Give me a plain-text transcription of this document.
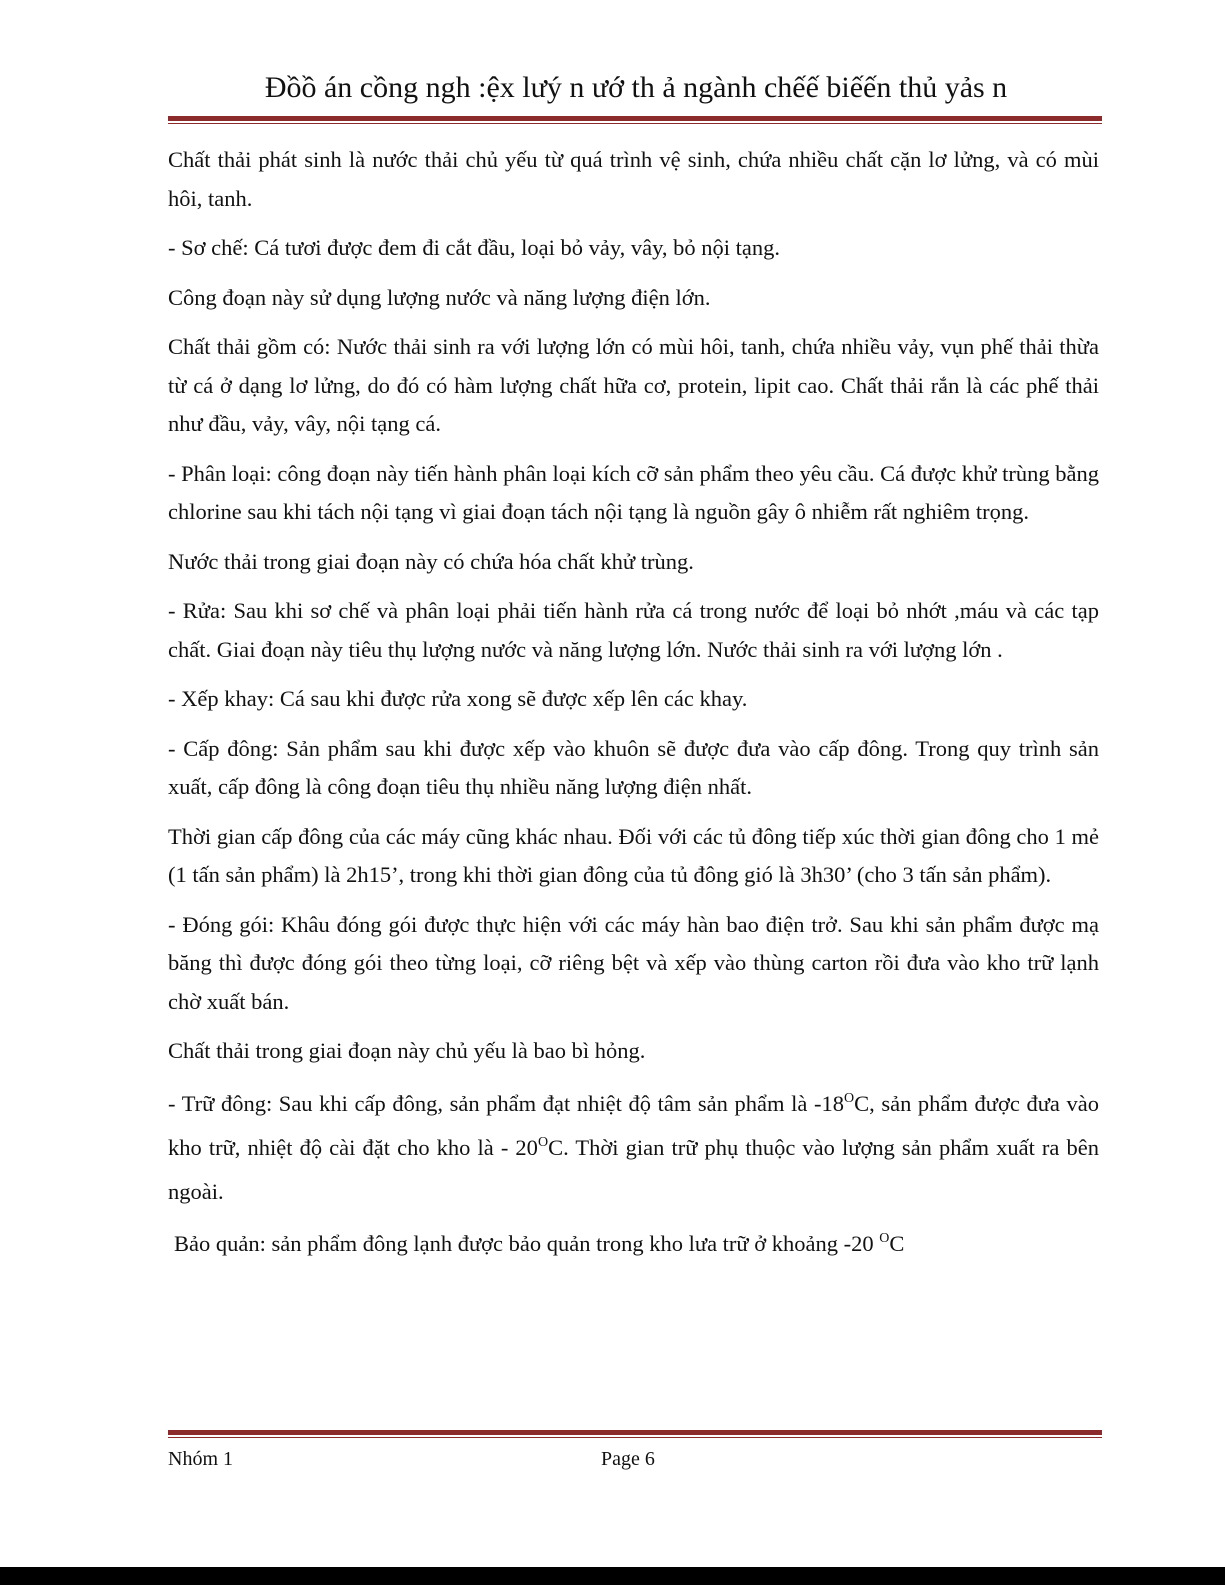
Đồồ án cồng ngh :ệx lưý n ướ th ả ngành chếế biếến thủ yảs n

Chất thải phát sinh là nước thải chủ yếu từ quá trình vệ sinh, chứa nhiều chất cặn lơ lửng, và có mùi hôi, tanh.

- Sơ chế: Cá tươi được đem đi cắt đầu, loại bỏ vảy, vây, bỏ nội tạng.

Công đoạn này sử dụng lượng nước và năng lượng điện lớn.

Chất thải gồm có: Nước thải sinh ra với lượng lớn có mùi hôi, tanh, chứa nhiều vảy, vụn phế thải thừa từ cá ở dạng lơ lửng, do đó có hàm lượng chất hữa cơ, protein, lipit cao. Chất thải rắn là các phế thải như đầu, vảy, vây, nội tạng cá.

- Phân loại: công đoạn này tiến hành phân loại kích cỡ sản phẩm theo yêu cầu. Cá được khử trùng bằng chlorine sau khi tách nội tạng vì giai đoạn tách nội tạng là nguồn gây ô nhiễm rất nghiêm trọng.

Nước thải trong giai đoạn này có chứa hóa chất khử trùng.

- Rửa: Sau khi sơ chế và phân loại phải tiến hành rửa cá trong nước để loại bỏ nhớt ,máu và các tạp chất. Giai đoạn này tiêu thụ lượng nước và năng lượng lớn. Nước thải sinh ra với lượng lớn .

- Xếp khay: Cá sau khi được rửa xong sẽ được xếp lên các khay.

- Cấp đông: Sản phẩm sau khi được xếp vào khuôn sẽ được đưa vào cấp đông. Trong quy trình sản xuất, cấp đông là công đoạn tiêu thụ nhiều năng lượng điện nhất.

Thời gian cấp đông của các máy cũng khác nhau. Đối với các tủ đông tiếp xúc thời gian đông cho 1 mẻ (1 tấn sản phẩm) là 2h15’, trong khi thời gian đông của tủ đông gió là 3h30’ (cho 3 tấn sản phẩm).

- Đóng gói: Khâu đóng gói được thực hiện với các máy hàn bao điện trở. Sau khi sản phẩm được mạ băng thì được đóng gói theo từng loại, cỡ riêng bệt và xếp vào thùng carton rồi đưa vào kho trữ lạnh chờ xuất bán.

Chất thải trong giai đoạn này chủ yếu là bao bì hỏng.

- Trữ đông: Sau khi cấp đông, sản phẩm đạt nhiệt độ tâm sản phẩm là $-18^OC$, sản phẩm được đưa vào kho trữ, nhiệt độ cài đặt cho kho là - $20^OC$. Thời gian trữ phụ thuộc vào lượng sản phẩm xuất ra bên ngoài.

Bảo quản: sản phẩm đông lạnh được bảo quản trong kho lưa trữ ở khoảng -20 $^O$C

Nhóm 1	Page 6
